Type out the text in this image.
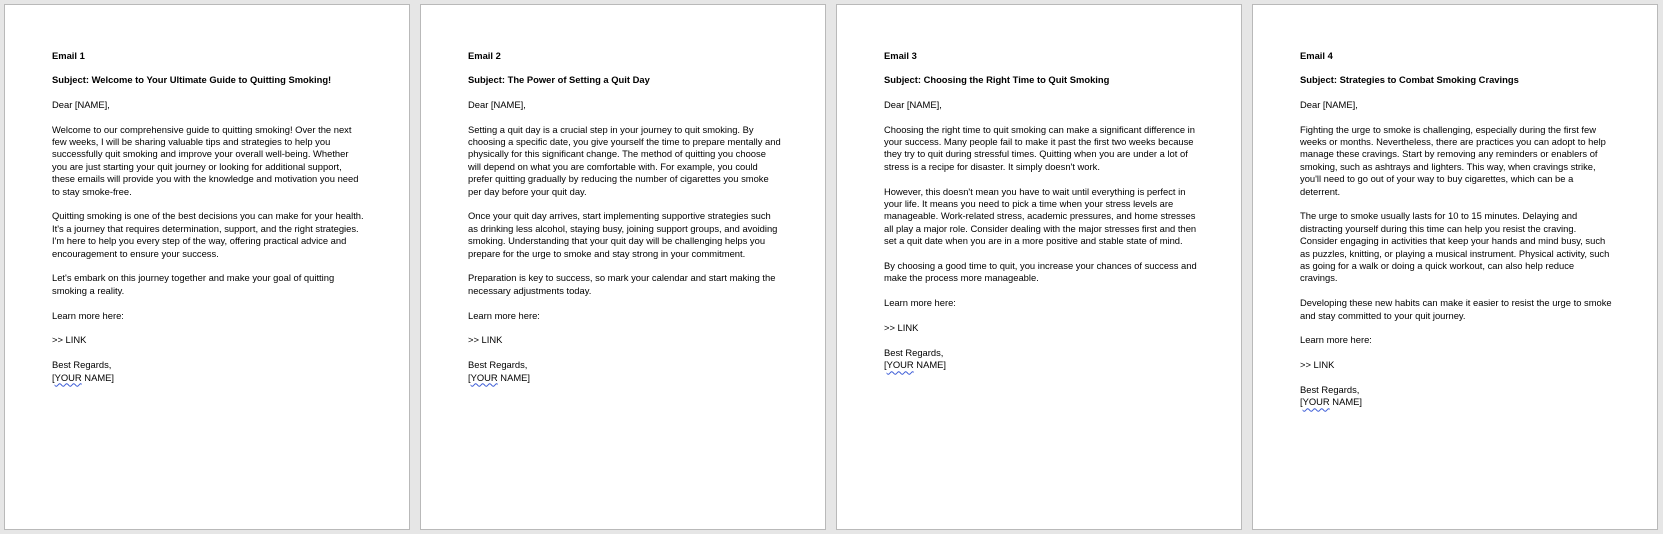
Email 1

Subject: Welcome to Your Ultimate Guide to Quitting Smoking!

Dear [NAME],

Welcome to our comprehensive guide to quitting smoking! Over the next
few weeks, I will be sharing valuable tips and strategies to help you
successfully quit smoking and improve your overall well-being. Whether
you are just starting your quit journey or looking for additional support,
these emails will provide you with the knowledge and motivation you need
to stay smoke-free.

Quitting smoking is one of the best decisions you can make for your health.
It's a journey that requires determination, support, and the right strategies.
I'm here to help you every step of the way, offering practical advice and
encouragement to ensure your success.

Let's embark on this journey together and make your goal of quitting
smoking a reality.

Learn more here:

>> LINK

Best Regards,

[YOUR NAME]

Email 2

Subject: The Power of Setting a Quit Day

Dear [NAME],

Setting a quit day is a crucial step in your journey to quit smoking. By
choosing a specific date, you give yourself the time to prepare mentally and
physically for this significant change. The method of quitting you choose
will depend on what you are comfortable with. For example, you could
prefer quitting gradually by reducing the number of cigarettes you smoke
per day before your quit day.

Once your quit day arrives, start implementing supportive strategies such
as drinking less alcohol, staying busy, joining support groups, and avoiding
smoking. Understanding that your quit day will be challenging helps you
prepare for the urge to smoke and stay strong in your commitment.

Preparation is key to success, so mark your calendar and start making the
necessary adjustments today.

Learn more here:

>> LINK

Best Regards,

[YOUR NAME]

Email 3

Subject: Choosing the Right Time to Quit Smoking

Dear [NAME],

Choosing the right time to quit smoking can make a significant difference in
your success. Many people fail to make it past the first two weeks because
they try to quit during stressful times. Quitting when you are under a lot of
stress is a recipe for disaster. It simply doesn't work.

However, this doesn't mean you have to wait until everything is perfect in
your life. It means you need to pick a time when your stress levels are
manageable. Work-related stress, academic pressures, and home stresses
all play a major role. Consider dealing with the major stresses first and then
set a quit date when you are in a more positive and stable state of mind.

By choosing a good time to quit, you increase your chances of success and
make the process more manageable.

Learn more here:

>> LINK

Best Regards,

[YOUR NAME]

Email 4

Subject: Strategies to Combat Smoking Cravings

Dear [NAME],

Fighting the urge to smoke is challenging, especially during the first few
weeks or months. Nevertheless, there are practices you can adopt to help
manage these cravings. Start by removing any reminders or enablers of
smoking, such as ashtrays and lighters. This way, when cravings strike,
you'll need to go out of your way to buy cigarettes, which can be a
deterrent.

The urge to smoke usually lasts for 10 to 15 minutes. Delaying and
distracting yourself during this time can help you resist the craving.
Consider engaging in activities that keep your hands and mind busy, such
as puzzles, knitting, or playing a musical instrument. Physical activity, such
as going for a walk or doing a quick workout, can also help reduce
cravings.

Developing these new habits can make it easier to resist the urge to smoke
and stay committed to your quit journey.

Learn more here:

>> LINK

Best Regards,

[YOUR NAME]
